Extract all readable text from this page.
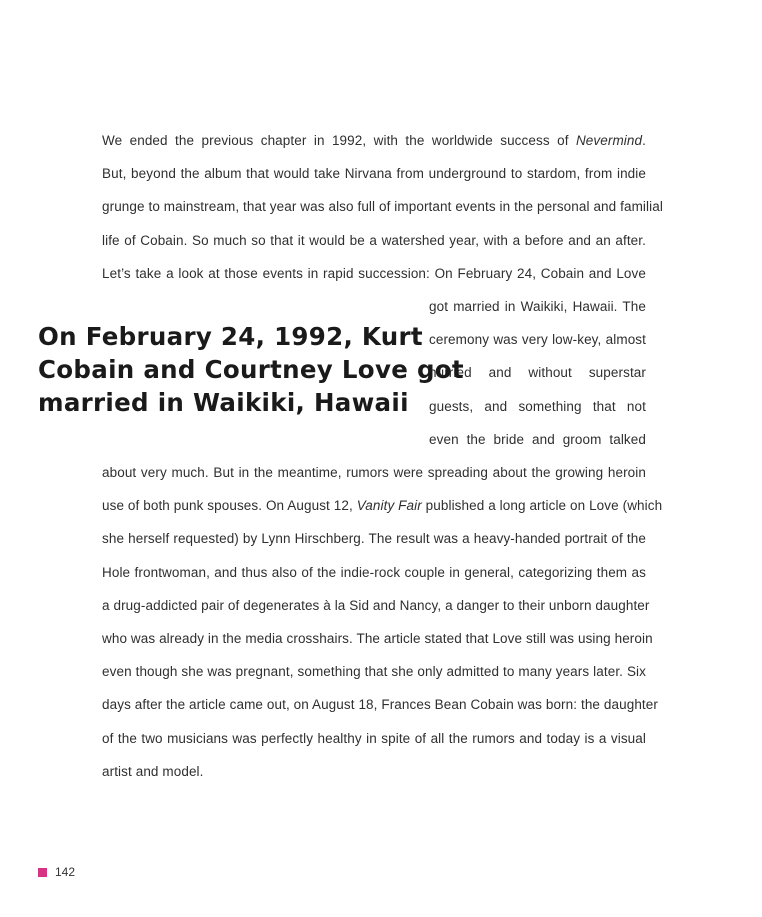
We ended the previous chapter in 1992, with the worldwide success of Nevermind.
But, beyond the album that would take Nirvana from underground to stardom, from indie
grunge to mainstream, that year was also full of important events in the personal and familial
life of Cobain. So much so that it would be a watershed year, with a before and an after.
Let’s take a look at those events in rapid succession: On February 24, Cobain and Love
got married in Waikiki, Hawaii. The
ceremony was very low-key, almost
hurried and without superstar
guests, and something that not
even the bride and groom talked
about very much. But in the meantime, rumors were spreading about the growing heroin
use of both punk spouses. On August 12, Vanity Fair published a long article on Love (which
she herself requested) by Lynn Hirschberg. The result was a heavy-handed portrait of the
Hole frontwoman, and thus also of the indie-rock couple in general, categorizing them as
a drug-addicted pair of degenerates à la Sid and Nancy, a danger to their unborn daughter
who was already in the media crosshairs. The article stated that Love still was using heroin
even though she was pregnant, something that she only admitted to many years later. Six
days after the article came out, on August 18, Frances Bean Cobain was born: the daughter
of the two musicians was perfectly healthy in spite of all the rumors and today is a visual
artist and model.
On February 24, 1992, Kurt
Cobain and Courtney Love got
married in Waikiki, Hawaii
142
